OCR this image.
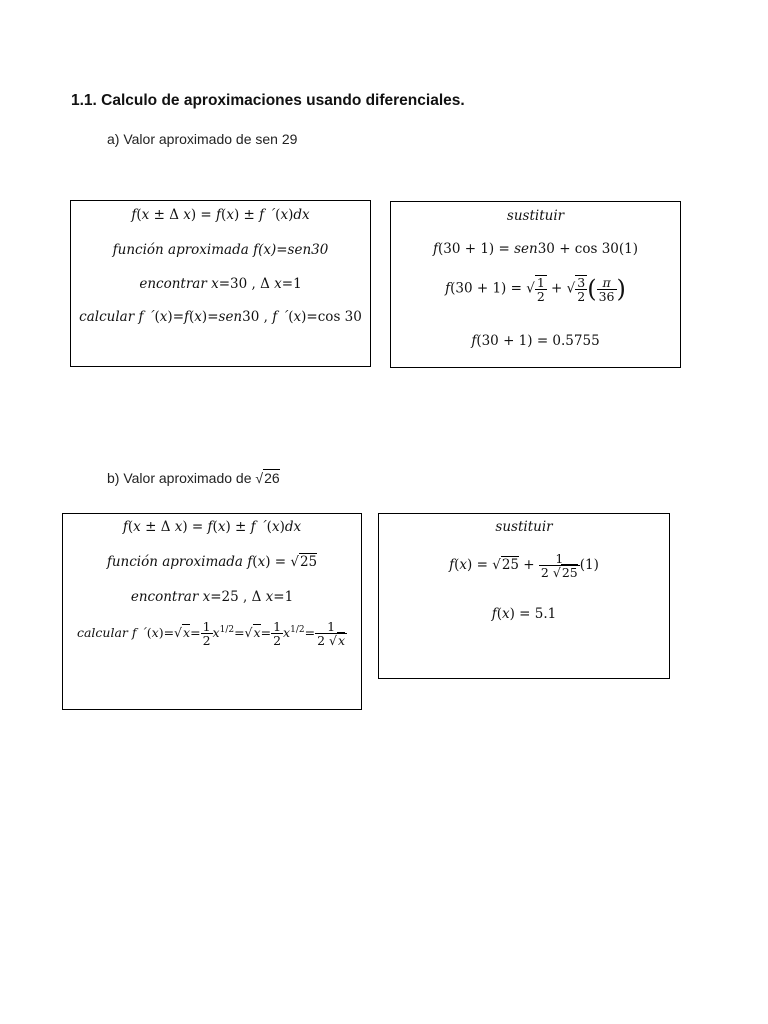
1.1. Calculo de aproximaciones usando diferenciales.
a) Valor aproximado de sen 29
b) Valor aproximado de √26
f(x ± Δ x) = f(x) ± f ´(x)dx
función aproximada f(x)=sen30
encontrar x=30 , Δ x=1
calcular f ´(x)=f(x)=sen30 , f ´(x)=cos 30
sustituir
f(30 + 1) = sen30 + cos 30(1)
f(30 + 1) = √ $\frac{1}{2}$ + √ $\frac{3}{2}$ ( $\frac{\pi}{36}$ )
f(30 + 1) = 0.5755
f(x ± Δ x) = f(x) ± f ´(x)dx
función aproximada f(x) = √25
encontrar x=25 , Δ x=1
calcular f ´(x)=√x= $\frac{1}{2} x^{1/2}=√x= \frac{1}{2} x^{1/2}= \frac{1}{2 √x}$
sustituir
$f(x) = √25 + \frac{1}{2 √25} (1)$
f(x) = 5.1
